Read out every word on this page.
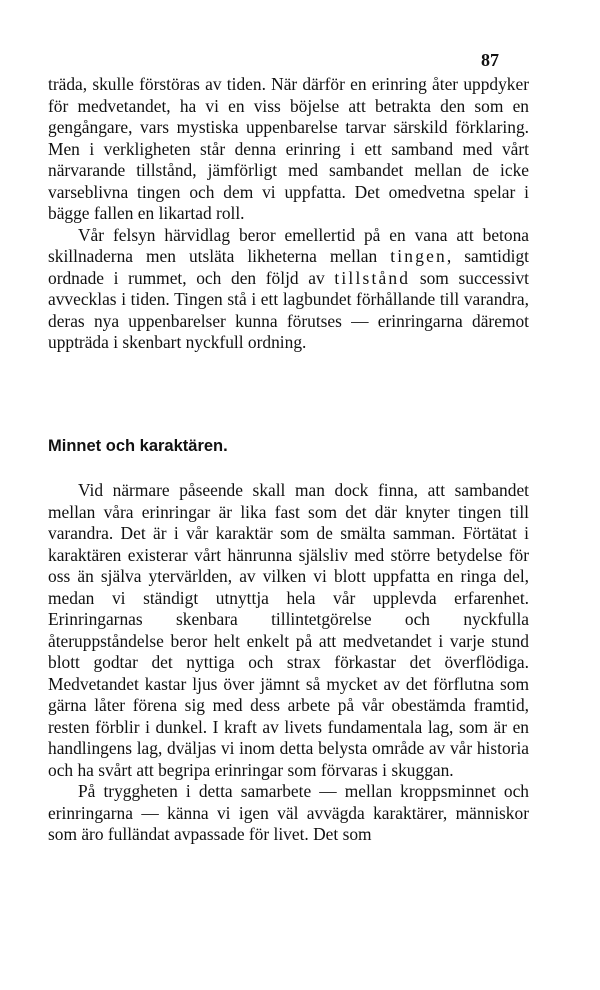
87

träda, skulle förstöras av tiden. När därför en erinring åter uppdyker för medvetandet, ha vi en viss böjelse att betrakta den som en gengångare, vars mystiska uppenbarelse tarvar särskild förklaring. Men i verkligheten står denna erinring i ett samband med vårt närvarande tillstånd, jämförligt med sambandet mellan de icke varseblivna tingen och dem vi uppfatta. Det omedvetna spelar i bägge fallen en likartad roll.

Vår felsyn härvidlag beror emellertid på en vana att betona skillnaderna men utsläta likheterna mellan tingen, samtidigt ordnade i rummet, och den följd av tillstånd som successivt avvecklas i tiden. Tingen stå i ett lagbundet förhållande till varandra, deras nya uppenbarelser kunna förutses — erinringarna däremot uppträda i skenbart nyckfull ordning.

Minnet och karaktären.

Vid närmare påseende skall man dock finna, att sambandet mellan våra erinringar är lika fast som det där knyter tingen till varandra. Det är i vår karaktär som de smälta samman. Förtätat i karaktären existerar vårt hänrunna själsliv med större betydelse för oss än själva ytervärlden, av vilken vi blott uppfatta en ringa del, medan vi ständigt utnyttja hela vår upplevda erfarenhet. Erinringarnas skenbara tillintetgörelse och nyckfulla återuppståndelse beror helt enkelt på att medvetandet i varje stund blott godtar det nyttiga och strax förkastar det överflödiga. Medvetandet kastar ljus över jämnt så mycket av det förflutna som gärna låter förena sig med dess arbete på vår obestämda framtid, resten förblir i dunkel. I kraft av livets fundamentala lag, som är en handlingens lag, dväljas vi inom detta belysta område av vår historia och ha svårt att begripa erinringar som förvaras i skuggan.

På tryggheten i detta samarbete — mellan kroppsminnet och erinringarna — känna vi igen väl avvägda karaktärer, människor som äro fulländat avpassade för livet. Det som
